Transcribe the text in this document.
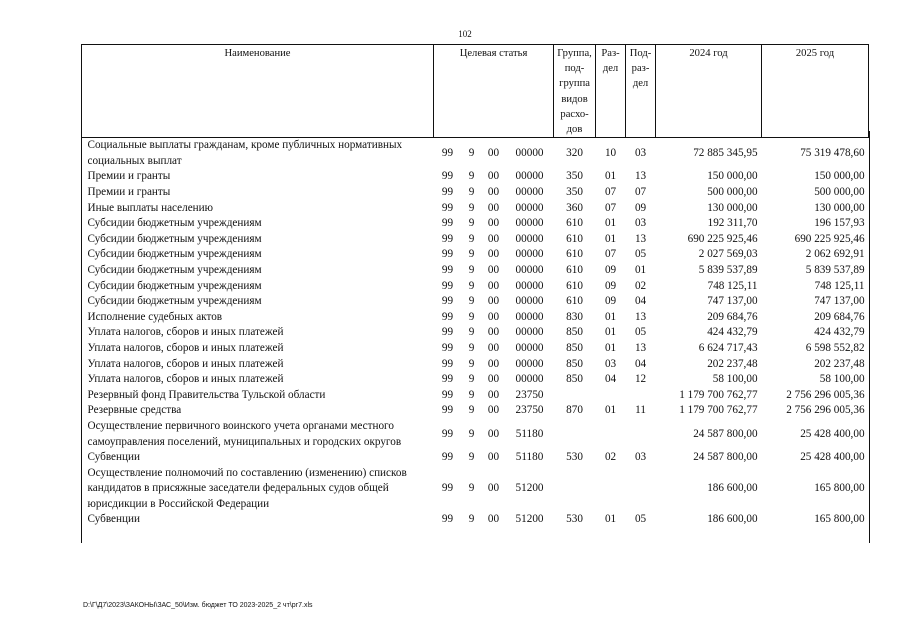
102
Наименование	Целевая статья				Группа, под-группа видов расхо-дов	Раз-дел	Под-раз-дел	2024 год	2025 год
Социальные выплаты гражданам, кроме публичных нормативных социальных выплат	99	9	00	00000	320	10	03	72 885 345,95	75 319 478,60
Премии и гранты	99	9	00	00000	350	01	13	150 000,00	150 000,00
Премии и гранты	99	9	00	00000	350	07	07	500 000,00	500 000,00
Иные выплаты населению	99	9	00	00000	360	07	09	130 000,00	130 000,00
Субсидии бюджетным учреждениям	99	9	00	00000	610	01	03	192 311,70	196 157,93
Субсидии бюджетным учреждениям	99	9	00	00000	610	01	13	690 225 925,46	690 225 925,46
Субсидии бюджетным учреждениям	99	9	00	00000	610	07	05	2 027 569,03	2 062 692,91
Субсидии бюджетным учреждениям	99	9	00	00000	610	09	01	5 839 537,89	5 839 537,89
Субсидии бюджетным учреждениям	99	9	00	00000	610	09	02	748 125,11	748 125,11
Субсидии бюджетным учреждениям	99	9	00	00000	610	09	04	747 137,00	747 137,00
Исполнение судебных актов	99	9	00	00000	830	01	13	209 684,76	209 684,76
Уплата налогов, сборов и иных платежей	99	9	00	00000	850	01	05	424 432,79	424 432,79
Уплата налогов, сборов и иных платежей	99	9	00	00000	850	01	13	6 624 717,43	6 598 552,82
Уплата налогов, сборов и иных платежей	99	9	00	00000	850	03	04	202 237,48	202 237,48
Уплата налогов, сборов и иных платежей	99	9	00	00000	850	04	12	58 100,00	58 100,00
Резервный фонд Правительства Тульской области	99	9	00	23750				1 179 700 762,77	2 756 296 005,36
Резервные средства	99	9	00	23750	870	01	11	1 179 700 762,77	2 756 296 005,36
Осуществление первичного воинского учета органами местного самоуправления поселений, муниципальных и городских округов	99	9	00	51180				24 587 800,00	25 428 400,00
Субвенции	99	9	00	51180	530	02	03	24 587 800,00	25 428 400,00
Осуществление полномочий по составлению (изменению) списков кандидатов в присяжные заседатели федеральных судов общей юрисдикции в Российской Федерации	99	9	00	51200				186 600,00	165 800,00
Субвенции	99	9	00	51200	530	01	05	186 600,00	165 800,00
D:\Г\Д7\2023\ЗАКОНЫ\ЗАС_50\Изм. бюджет ТО 2023-2025_2 чт\рг7.xls
